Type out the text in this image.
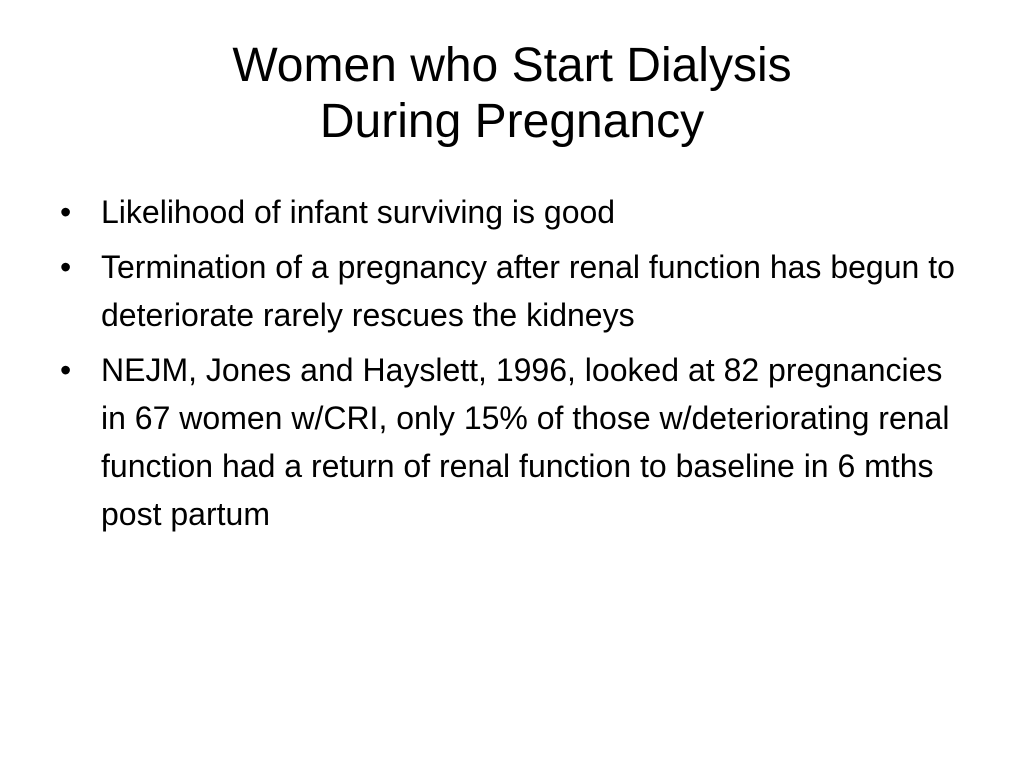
Women who Start Dialysis
During Pregnancy
• Likelihood of infant surviving is good
• Termination of a pregnancy after renal function has begun to deteriorate rarely rescues the kidneys
• NEJM, Jones and Hayslett, 1996, looked at 82 pregnancies in 67 women w/CRI, only 15% of those w/deteriorating renal function had a return of renal function to baseline in 6 mths post partum
